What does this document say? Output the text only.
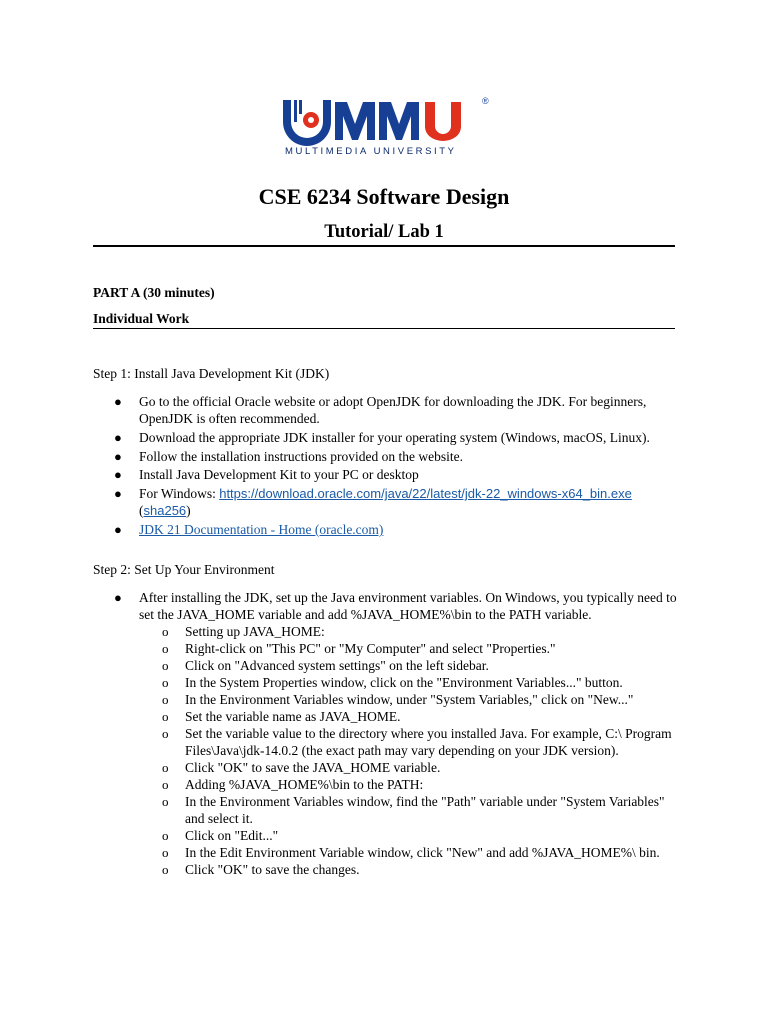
®
MULTIMEDIA UNIVERSITY
CSE 6234 Software Design
Tutorial/ Lab 1
PART A (30 minutes)
Individual Work
Step 1: Install Java Development Kit (JDK)
● Go to the official Oracle website or adopt OpenJDK for downloading the JDK. For beginners, OpenJDK is often recommended.
● Download the appropriate JDK installer for your operating system (Windows, macOS, Linux).
● Follow the installation instructions provided on the website.
● Install Java Development Kit to your PC or desktop
● For Windows: https://download.oracle.com/java/22/latest/jdk-22_windows-x64_bin.exe (sha256)
● JDK 21 Documentation - Home (oracle.com)
Step 2: Set Up Your Environment
● After installing the JDK, set up the Java environment variables. On Windows, you typically need to set the JAVA_HOME variable and add %JAVA_HOME%\bin to the PATH variable.
o Setting up JAVA_HOME:
o Right-click on "This PC" or "My Computer" and select "Properties."
o Click on "Advanced system settings" on the left sidebar.
o In the System Properties window, click on the "Environment Variables..." button.
o In the Environment Variables window, under "System Variables," click on "New..."
o Set the variable name as JAVA_HOME.
o Set the variable value to the directory where you installed Java. For example, C:\ Program Files\Java\jdk-14.0.2 (the exact path may vary depending on your JDK version).
o Click "OK" to save the JAVA_HOME variable.
o Adding %JAVA_HOME%\bin to the PATH:
o In the Environment Variables window, find the "Path" variable under "System Variables" and select it.
o Click on "Edit..."
o In the Edit Environment Variable window, click "New" and add %JAVA_HOME%\ bin.
o Click "OK" to save the changes.
